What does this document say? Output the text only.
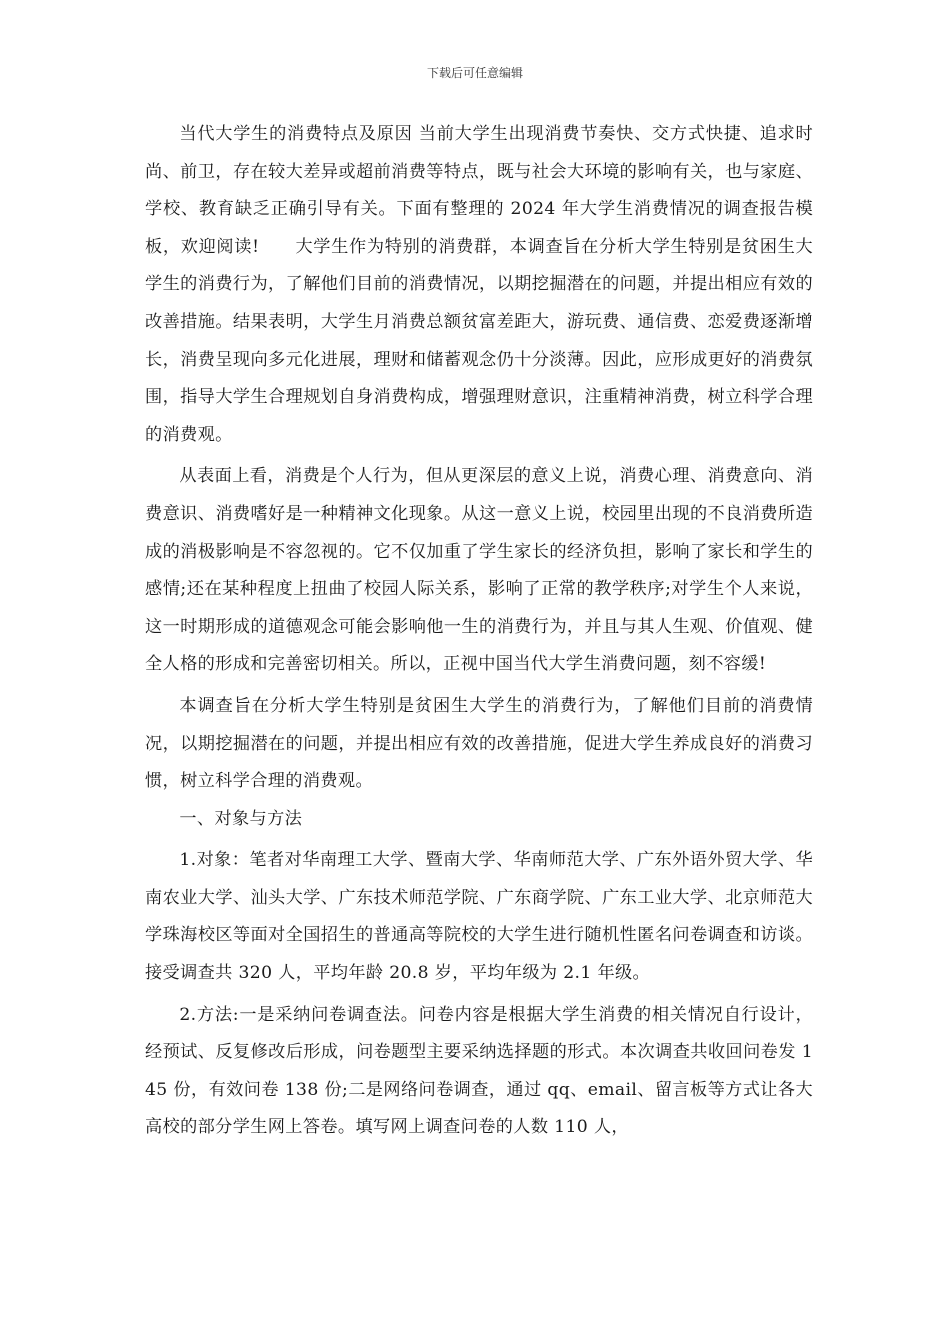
下载后可任意编辑

当代大学生的消费特点及原因 当前大学生出现消费节奏快、交方式快捷、追求时尚、前卫，存在较大差异或超前消费等特点，既与社会大环境的影响有关，也与家庭、学校、教育缺乏正确引导有关。下面有整理的 2024 年大学生消费情况的调查报告模板，欢迎阅读!　　大学生作为特别的消费群，本调查旨在分析大学生特别是贫困生大学生的消费行为，了解他们目前的消费情况，以期挖掘潜在的问题，并提出相应有效的改善措施。结果表明，大学生月消费总额贫富差距大，游玩费、通信费、恋爱费逐渐增长，消费呈现向多元化进展，理财和储蓄观念仍十分淡薄。因此，应形成更好的消费氛围，指导大学生合理规划自身消费构成，增强理财意识，注重精神消费，树立科学合理的消费观。

从表面上看，消费是个人行为，但从更深层的意义上说，消费心理、消费意向、消费意识、消费嗜好是一种精神文化现象。从这一意义上说，校园里出现的不良消费所造成的消极影响是不容忽视的。它不仅加重了学生家长的经济负担，影响了家长和学生的感情;还在某种程度上扭曲了校园人际关系，影响了正常的教学秩序;对学生个人来说，这一时期形成的道德观念可能会影响他一生的消费行为，并且与其人生观、价值观、健全人格的形成和完善密切相关。所以，正视中国当代大学生消费问题，刻不容缓!

本调查旨在分析大学生特别是贫困生大学生的消费行为，了解他们目前的消费情况，以期挖掘潜在的问题，并提出相应有效的改善措施，促进大学生养成良好的消费习惯，树立科学合理的消费观。

一、对象与方法

1.对象：笔者对华南理工大学、暨南大学、华南师范大学、广东外语外贸大学、华南农业大学、汕头大学、广东技术师范学院、广东商学院、广东工业大学、北京师范大学珠海校区等面对全国招生的普通高等院校的大学生进行随机性匿名问卷调查和访谈。接受调查共 320 人，平均年龄 20.8 岁，平均年级为 2.1 年级。

2.方法:一是采纳问卷调查法。问卷内容是根据大学生消费的相关情况自行设计，经预试、反复修改后形成，问卷题型主要采纳选择题的形式。本次调查共收回问卷发 145 份，有效问卷 138 份;二是网络问卷调查，通过 qq、email、留言板等方式让各大高校的部分学生网上答卷。填写网上调查问卷的人数 110 人，
